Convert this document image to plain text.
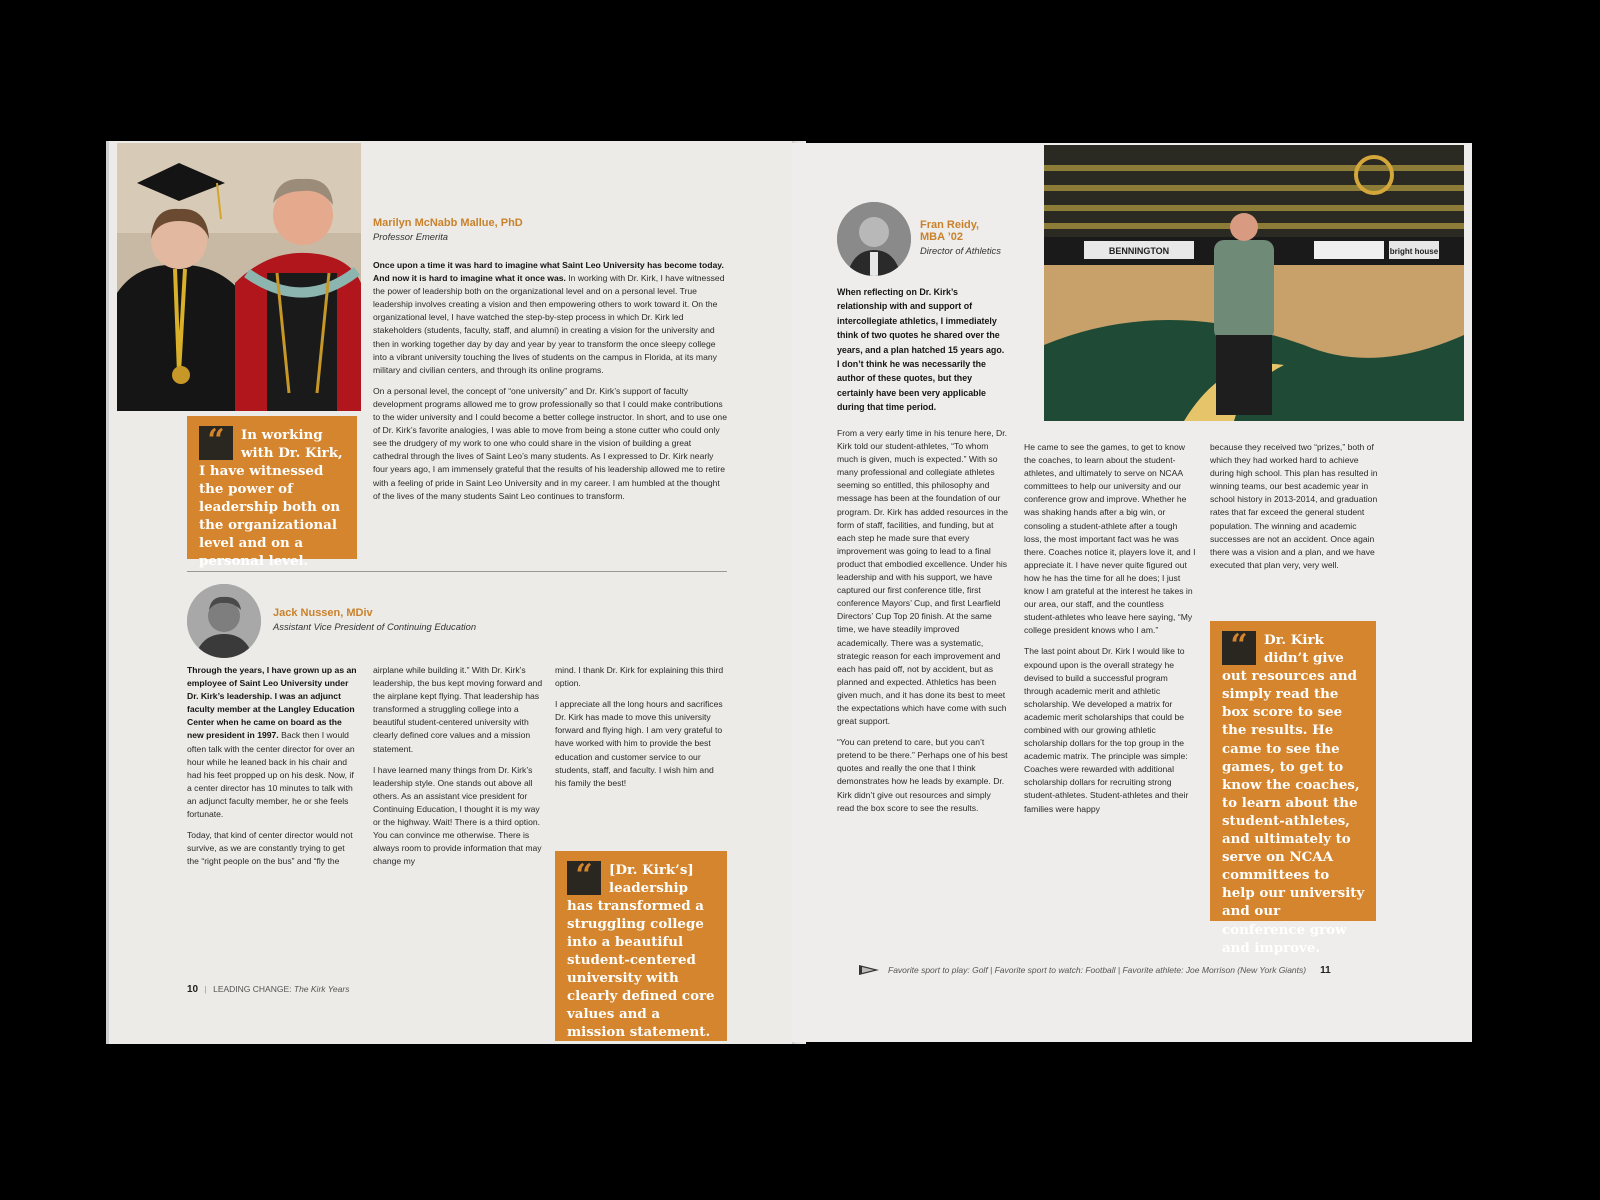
Marilyn McNabb Mallue, PhD
Professor Emerita

Once upon a time it was hard to imagine what Saint Leo University has become today. And now it is hard to imagine what it once was. In working with Dr. Kirk, I have witnessed the power of leadership both on the organizational level and on a personal level. True leadership involves creating a vision and then empowering others to work toward it. On the organizational level, I have watched the step-by-step process in which Dr. Kirk led stakeholders (students, faculty, staff, and alumni) in creating a vision for the university and then in working together day by day and year by year to transform the once sleepy college into a vibrant university touching the lives of students on the campus in Florida, at its many military and civilian centers, and through its online programs.

On a personal level, the concept of “one university” and Dr. Kirk’s support of faculty development programs allowed me to grow professionally so that I could make contributions to the wider university and I could become a better college instructor. In short, and to use one of Dr. Kirk’s favorite analogies, I was able to move from being a stone cutter who could only see the drudgery of my work to one who could share in the vision of building a great cathedral through the lives of Saint Leo’s many students. As I expressed to Dr. Kirk nearly four years ago, I am immensely grateful that the results of his leadership allowed me to retire with a feeling of pride in Saint Leo University and in my career. I am humbled at the thought of the lives of the many students Saint Leo continues to transform.

“	In working with Dr. Kirk, I have witnessed the power of leadership both on the organizational level and on a personal level.
Jack Nussen, MDiv
Assistant Vice President of Continuing Education

Through the years, I have grown up as an employee of Saint Leo University under Dr. Kirk’s leadership. I was an adjunct faculty member at the Langley Education Center when he came on board as the new president in 1997. Back then I would often talk with the center director for over an hour while he leaned back in his chair and had his feet propped up on his desk. Now, if a center director has 10 minutes to talk with an adjunct faculty member, he or she feels fortunate.

Today, that kind of center director would not survive, as we are constantly trying to get the “right people on the bus” and “fly the

airplane while building it.” With Dr. Kirk’s leadership, the bus kept moving forward and the airplane kept flying. That leadership has transformed a struggling college into a beautiful student-centered university with clearly defined core values and a mission statement.

I have learned many things from Dr. Kirk’s leadership style. One stands out above all others. As an assistant vice president for Continuing Education, I thought it is my way or the highway. Wait! There is a third option. You can convince me otherwise. There is always room to provide information that may change my

mind. I thank Dr. Kirk for explaining this third option.

I appreciate all the long hours and sacrifices Dr. Kirk has made to move this university forward and flying high. I am very grateful to have worked with him to provide the best education and customer service to our students, staff, and faculty. I wish him and his family the best!

“	[Dr. Kirk’s] leadership has transformed a struggling college into a beautiful student-centered university with clearly defined core values and a mission statement.
10 | LEADING CHANGE: The Kirk Years
BENNINGTON	bright house
Fran Reidy,
MBA ’02
Director of Athletics
When reflecting on Dr. Kirk’s relationship with and support of intercollegiate athletics, I immediately think of two quotes he shared over the years, and a plan hatched 15 years ago. I don’t think he was necessarily the author of these quotes, but they certainly have been very applicable during that time period.

From a very early time in his tenure here, Dr. Kirk told our student-athletes, “To whom much is given, much is expected.” With so many professional and collegiate athletes seeming so entitled, this philosophy and message has been at the foundation of our program. Dr. Kirk has added resources in the form of staff, facilities, and funding, but at each step he made sure that every improvement was going to lead to a final product that embodied excellence. Under his leadership and with his support, we have captured our first conference title, first conference Mayors’ Cup, and first Learfield Directors’ Cup Top 20 finish. At the same time, we have steadily improved academically. There was a systematic, strategic reason for each improvement and each has paid off, not by accident, but as planned and expected. Athletics has been given much, and it has done its best to meet the expectations which have come with such great support.

“You can pretend to care, but you can’t pretend to be there.” Perhaps one of his best quotes and really the one that I think demonstrates how he leads by example. Dr. Kirk didn’t give out resources and simply read the box score to see the results.

He came to see the games, to get to know the coaches, to learn about the student-athletes, and ultimately to serve on NCAA committees to help our university and our conference grow and improve. Whether he was shaking hands after a big win, or consoling a student-athlete after a tough loss, the most important fact was he was there. Coaches notice it, players love it, and I appreciate it. I have never quite figured out how he has the time for all he does; I just know I am grateful at the interest he takes in our area, our staff, and the countless student-athletes who leave here saying, “My college president knows who I am.”

The last point about Dr. Kirk I would like to expound upon is the overall strategy he devised to build a successful program through academic merit and athletic scholarship. We developed a matrix for academic merit scholarships that could be combined with our growing athletic scholarship dollars for the top group in the academic matrix. The principle was simple: Coaches were rewarded with additional scholarship dollars for recruiting strong student-athletes. Student-athletes and their families were happy

because they received two “prizes,” both of which they had worked hard to achieve during high school. This plan has resulted in winning teams, our best academic year in school history in 2013-2014, and graduation rates that far exceed the general student population. The winning and academic successes are not an accident. Once again there was a vision and a plan, and we have executed that plan very, very well.

“	Dr. Kirk didn’t give out resources and simply read the box score to see the results. He came to see the games, to get to know the coaches, to learn about the student-athletes, and ultimately to serve on NCAA committees to help our university and our conference grow and improve.
Favorite sport to play: Golf | Favorite sport to watch: Football | Favorite athlete: Joe Morrison (New York Giants) 11
